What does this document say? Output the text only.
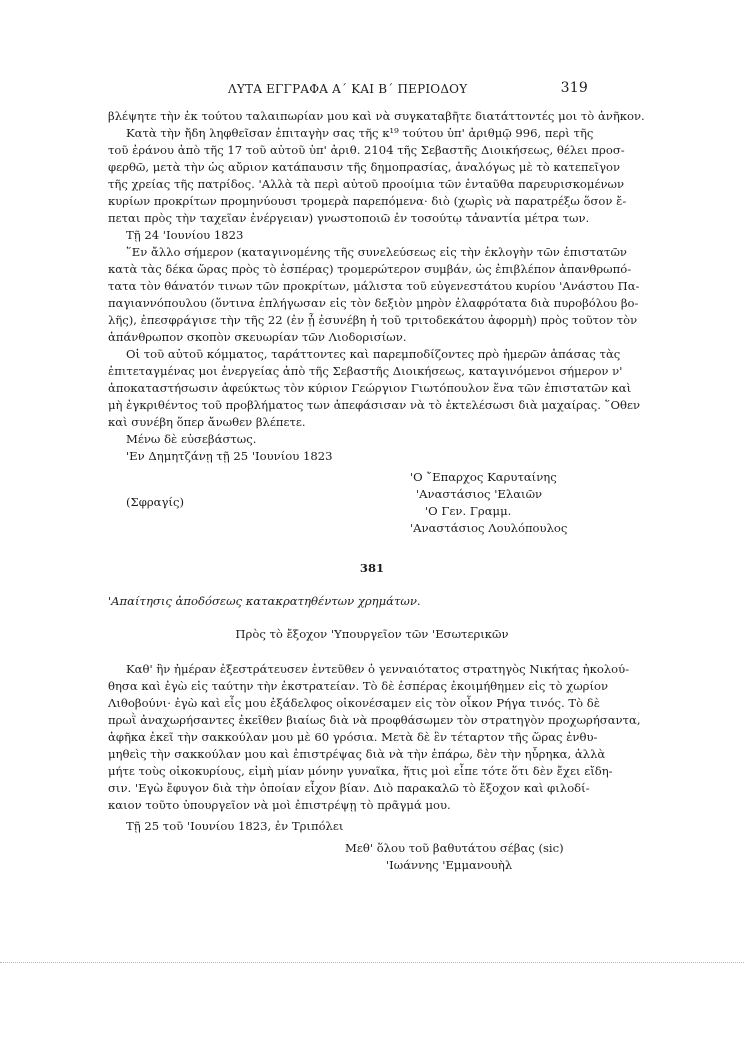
ΛΥΤΑ ΕΓΓΡΑΦΑ Α΄ ΚΑΙ Β΄ ΠΕΡΙΟΔΟΥ	319
βλέψητε τὴν ἐκ τούτου ταλαιπωρίαν μου καὶ νὰ συγκαταβῆτε διατάττοντές μοι τὸ ἀνῆκον.
Κατὰ τὴν ἤδη ληφθεῖσαν ἐπιταγὴν σας τῆς κ¹⁹ τούτου ὑπ' ἀριθμῷ 996, περὶ τῆς
τοῦ ἐράνου ἀπὸ τῆς 17 τοῦ αὐτοῦ ὑπ' ἀριθ. 2104 τῆς Σεβαστῆς Διοικήσεως, θέλει προσ-
φερθῶ, μετὰ τὴν ὡς αὔριον κατάπαυσιν τῆς δημοπρασίας, ἀναλόγως μὲ τὸ κατεπεῖγον
τῆς χρείας τῆς πατρίδος. 'Αλλὰ τὰ περὶ αὐτοῦ προοίμια τῶν ἐνταῦθα παρευρισκομένων
κυρίων προκρίτων προμηνύουσι τρομερὰ παρεπόμενα· διὸ (χωρὶς νὰ παρατρέξω ὅσον ἔ-
πεται πρὸς τὴν ταχεῖαν ἐνέργειαν) γνωστοποιῶ ἐν τοσούτῳ τἀναντία μέτρα των.
Τῇ 24 'Ιουνίου 1823
῞Εν ἄλλο σήμερον (καταγινομένης τῆς συνελεύσεως εἰς τὴν ἐκλογὴν τῶν ἐπιστατῶν
κατὰ τὰς δέκα ὥρας πρὸς τὸ ἑσπέρας) τρομερώτερον συμβάν, ὡς ἐπιβλέπον ἀπανθρωπό-
τατα τὸν θάνατόν τινων τῶν προκρίτων, μάλιστα τοῦ εὐγενεστάτου κυρίου 'Ανάστου Πα-
παγιαννόπουλου (ὅντινα ἐπλήγωσαν εἰς τὸν δεξιὸν μηρὸν ἐλαφρότατα διὰ πυροβόλου βο-
λῆς), ἐπεσφράγισε τὴν τῆς 22 (ἐν ᾗ ἐσυνέβη ἡ τοῦ τριτοδεκάτου ἀφορμὴ) πρὸς τοῦτον τὸν
ἀπάνθρωπον σκοπὸν σκευωρίαν τῶν Λιοδορισίων.
Οἱ τοῦ αὐτοῦ κόμματος, ταράττοντες καὶ παρεμποδίζοντες πρὸ ἡμερῶν ἁπάσας τὰς
ἐπιτεταγμένας μοι ἐνεργείας ἀπὸ τῆς Σεβαστῆς Διοικήσεως, καταγινόμενοι σήμερον ν'
ἀποκαταστήσωσιν ἀφεύκτως τὸν κύριον Γεώργιον Γιωτόπουλον ἕνα τῶν ἐπιστατῶν καὶ
μὴ ἐγκριθέντος τοῦ προβλήματος των ἀπεφάσισαν νὰ τὸ ἐκτελέσωσι διὰ μαχαίρας. ῞Οθεν
καὶ συνέβη ὅπερ ἄνωθεν βλέπετε.
Μένω δὲ εὐσεβάστως.
'Εν Δημητζάνῃ τῇ 25 'Ιουνίου 1823
'Ο ῎Επαρχος Καρυταίνης
'Αναστάσιος 'Ελαιῶν
'Ο Γεν. Γραμμ.
'Αναστάσιος Λουλόπουλος
(Σφραγίς)
381
'Απαίτησις ἀποδόσεως κατακρατηθέντων χρημάτων.
Πρὸς τὸ ἔξοχον 'Υπουργεῖον τῶν 'Εσωτερικῶν
Καθ' ἣν ἡμέραν ἐξεστράτευσεν ἐντεῦθεν ὁ γενναιότατος στρατηγὸς Νικήτας ἠκολού-
θησα καὶ ἐγὼ εἰς ταύτην τὴν ἐκστρατείαν. Τὸ δὲ ἑσπέρας ἐκοιμήθημεν εἰς τὸ χωρίον
Λιθοβούνι· ἐγὼ καὶ εἷς μου ἐξάδελφος οἰκονέσαμεν εἰς τὸν οἶκον Ρήγα τινός. Τὸ δὲ
πρωῒ ἀναχωρήσαντες ἐκεῖθεν βιαίως διὰ νὰ προφθάσωμεν τὸν στρατηγὸν προχωρήσαντα,
ἀφῆκα ἐκεῖ τὴν σακκούλαν μου μὲ 60 γρόσια. Μετὰ δὲ ἓν τέταρτον τῆς ὥρας ἐνθυ-
μηθεὶς τὴν σακκούλαν μου καὶ ἐπιστρέψας διὰ νὰ τὴν ἐπάρω, δὲν τὴν ηὗρηκα, ἀλλὰ
μήτε τοὺς οἰκοκυρίους, εἰμὴ μίαν μόνην γυναῖκα, ἥτις μοὶ εἶπε τότε ὅτι δὲν ἔχει εἴδη-
σιν. 'Εγὼ ἔφυγον διὰ τὴν ὁποίαν εἶχον βίαν. Διὸ παρακαλῶ τὸ ἔξοχον καὶ φιλοδί-
καιον τοῦτο ὑπουργεῖον νὰ μοὶ ἐπιστρέψῃ τὸ πρᾶγμά μου.
Τῇ 25 τοῦ 'Ιουνίου 1823, ἐν Τριπόλει
Μεθ' ὅλου τοῦ βαθυτάτου σέβας (sic)
'Ιωάννης 'Εμμανουὴλ
